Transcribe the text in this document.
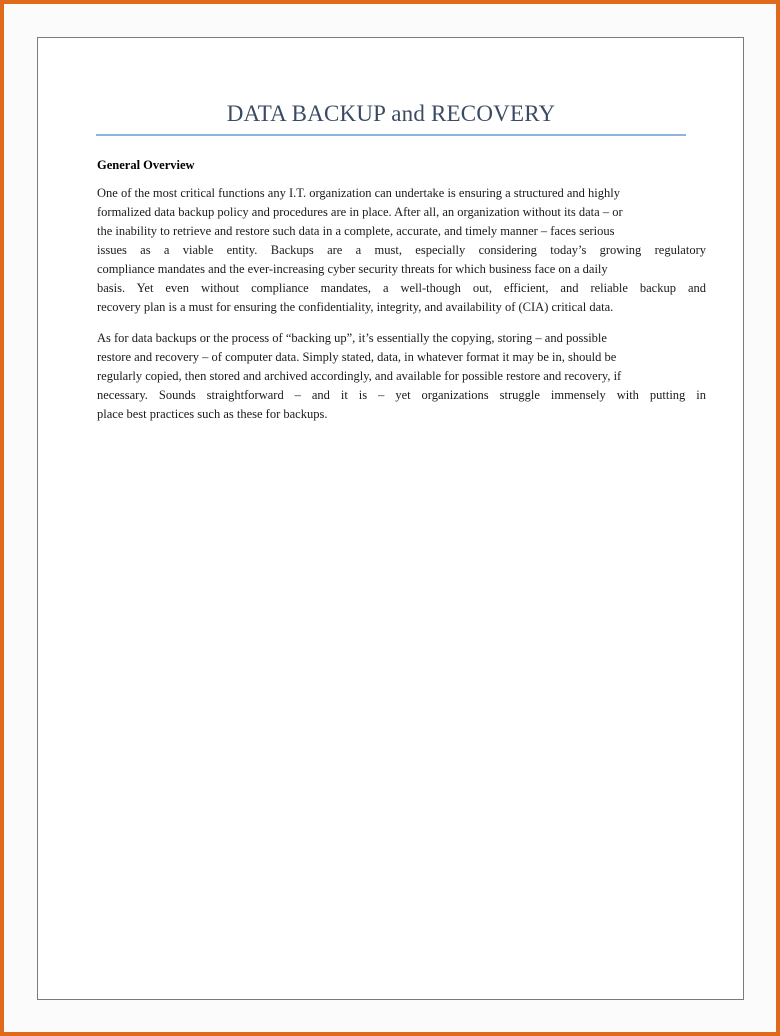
DATA BACKUP and RECOVERY
General Overview

One of the most critical functions any I.T. organization can undertake is ensuring a structured and highly
formalized data backup policy and procedures are in place. After all, an organization without its data – or
the inability to retrieve and restore such data in a complete, accurate, and timely manner – faces serious
issues as a viable entity. Backups are a must, especially considering today’s growing regulatory
compliance mandates and the ever-increasing cyber security threats for which business face on a daily
basis. Yet even without compliance mandates, a well-though out, efficient, and reliable backup and
recovery plan is a must for ensuring the confidentiality, integrity, and availability of (CIA) critical data.

As for data backups or the process of “backing up”, it’s essentially the copying, storing – and possible
restore and recovery – of computer data. Simply stated, data, in whatever format it may be in, should be
regularly copied, then stored and archived accordingly, and available for possible restore and recovery, if
necessary. Sounds straightforward – and it is – yet organizations struggle immensely with putting in
place best practices such as these for backups.
